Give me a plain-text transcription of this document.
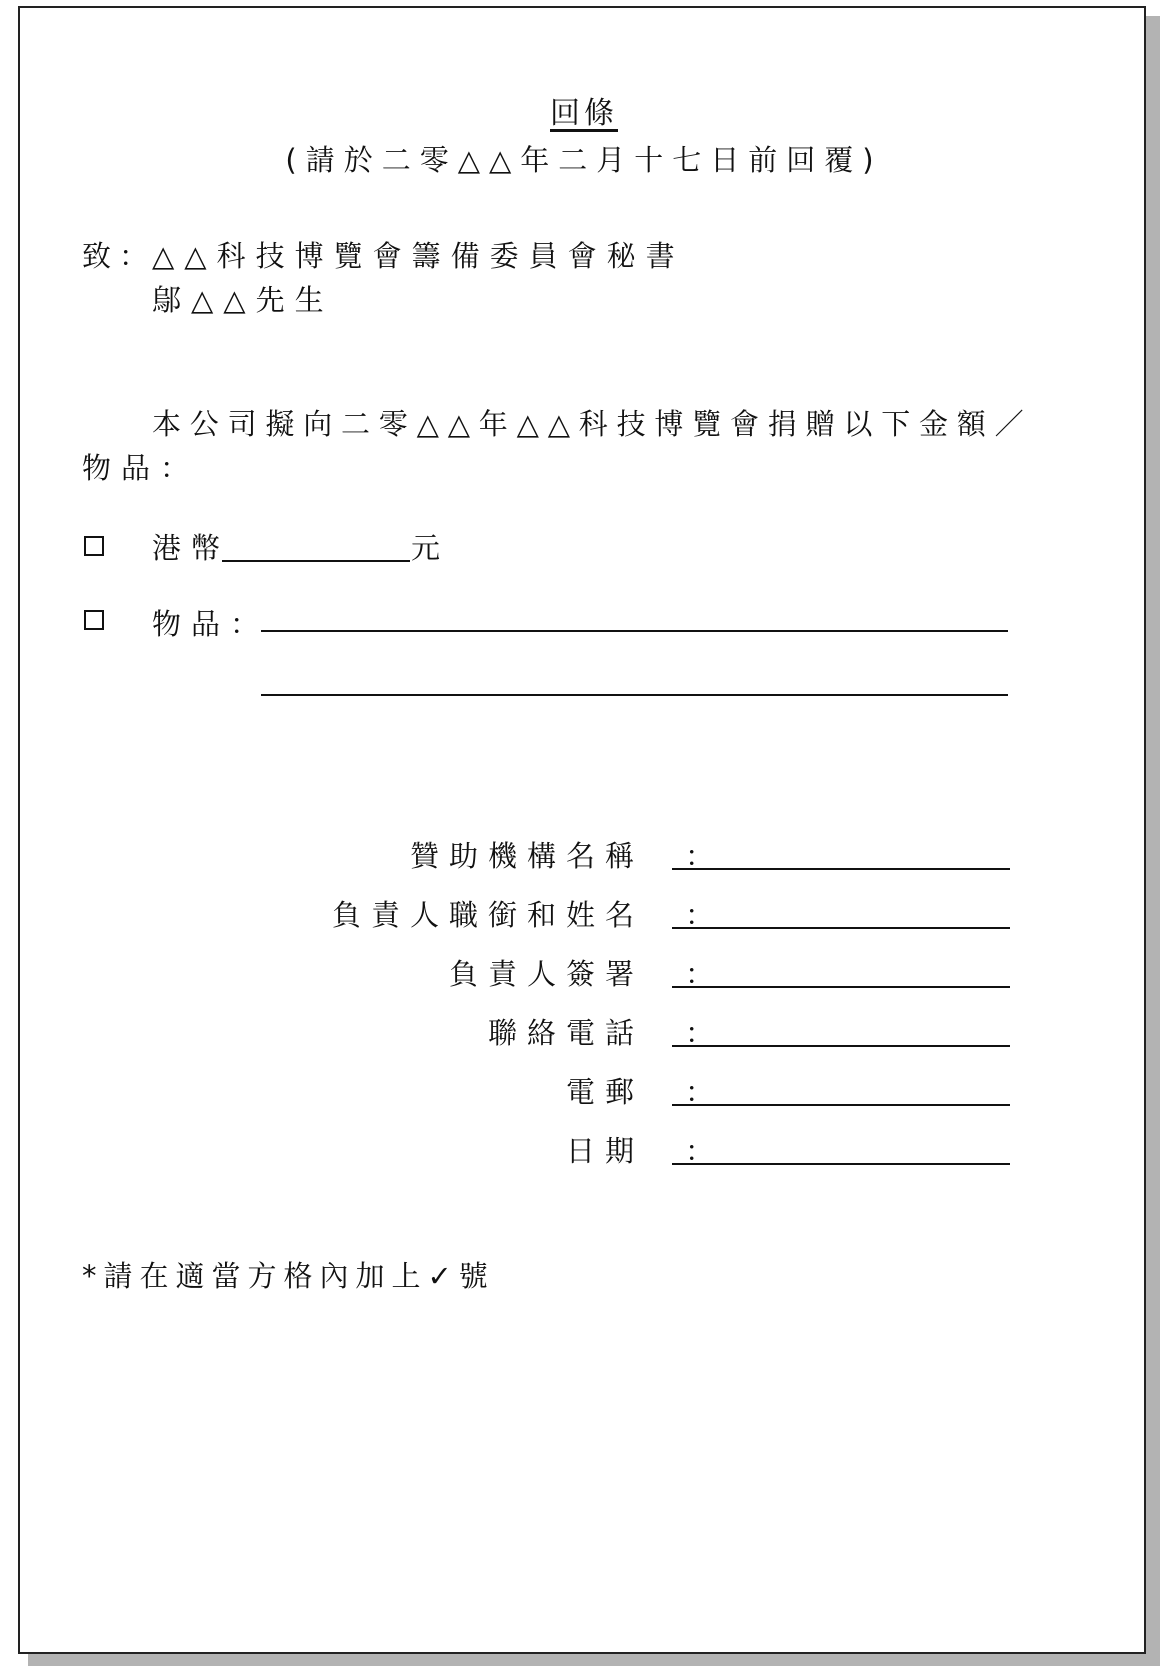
回條
(請於二零△△年二月十七日前回覆)
致：
△△科技博覽會籌備委員會秘書
鄔△△先生
本公司擬向二零△△年△△科技博覽會捐贈以下金額／
物品：
港幣	元
物品：
贊助機構名稱 ：
負責人職銜和姓名 ：
負責人簽署 ：
聯絡電話 ：
電郵 ：
日期 ：
*請在適當方格內加上✓號
